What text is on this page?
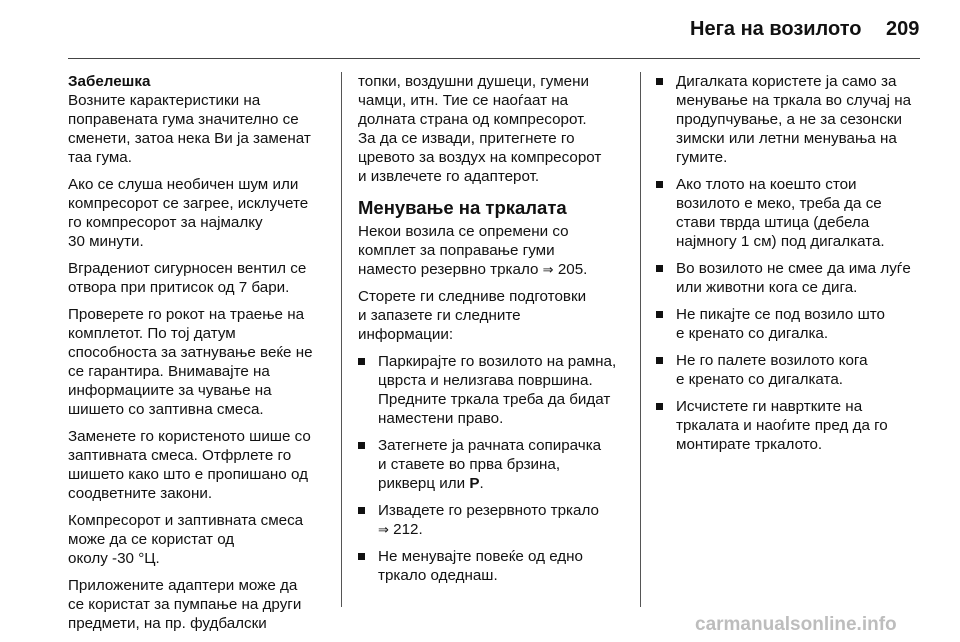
Нега на возилото 209

Забелешка
Возните карактеристики на
поправената гума значително се
сменети, затоа нека Ви ја заменат
таа гума.

Ако се слуша необичен шум или
компресорот се загрее, исклучете
го компресорот за најмалку
30 минути.

Вградениот сигурносен вентил се
отвора при притисок од 7 бари.

Проверете го рокот на траење на
комплетот. По тој датум
способноста за затнување веќе не
се гарантира. Внимавајте на
информациите за чување на
шишето со заптивна смеса.

Заменете го користеното шише со
заптивната смеса. Отфрлете го
шишето како што е пропишано од
соодветните закони.

Компресорот и заптивната смеса
може да се користат од
околу -30 °Ц.

Приложените адаптери може да
се користат за пумпање на други
предмети, на пр. фудбалски

топки, воздушни душеци, гумени
чамци, итн. Тие се наоѓаат на
долната страна од компресорот.
За да се извади, притегнете го
цревото за воздух на компресорот
и извлечете го адаптерот.

Менување на тркалата

Некои возила се опремени со
комплет за поправање гуми
наместо резервно тркало ⇒ 205.

Сторете ги следниве подготовки
и запазете ги следните
информации:

Паркирајте го возилото на рамна,
цврста и нелизгава површина.
Предните тркала треба да бидат
наместени право.
Затегнете ја рачната сопирачка
и ставете во прва брзина,
рикверц или P.
Извадете го резервното тркало
⇒ 212.
Не менувајте повеќе од едно
тркало одеднаш.
Дигалката користете ја само за
менување на тркала во случај на
продупчување, а не за сезонски
зимски или летни менувања на
гумите.
Ако тлото на коешто стои
возилото е меко, треба да се
стави тврда штица (дебела
најмногу 1 см) под дигалката.
Во возилото не смее да има луѓе
или животни кога се дига.
Не пикајте се под возило што
е кренато со дигалка.
Не го палете возилото кога
е кренато со дигалката.
Исчистете ги навртките на
тркалата и наоѓите пред да го
монтирате тркалото.
carmanualsonline.info
